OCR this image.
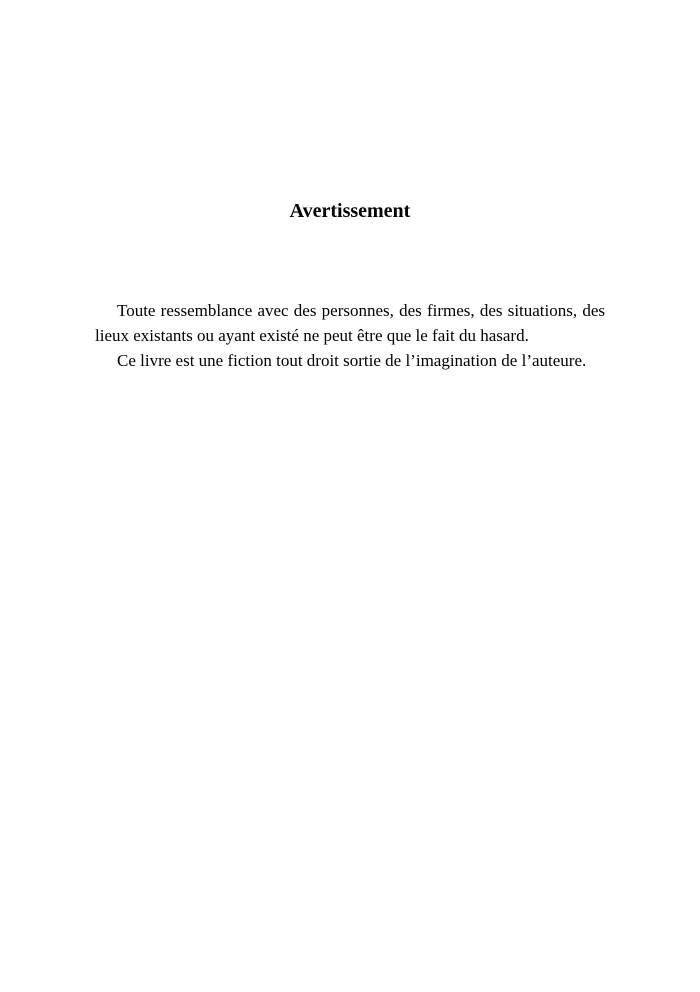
Avertissement

Toute ressemblance avec des personnes, des firmes, des situations, des lieux existants ou ayant existé ne peut être que le fait du hasard.

Ce livre est une fiction tout droit sortie de l’imagination de l’auteure.
